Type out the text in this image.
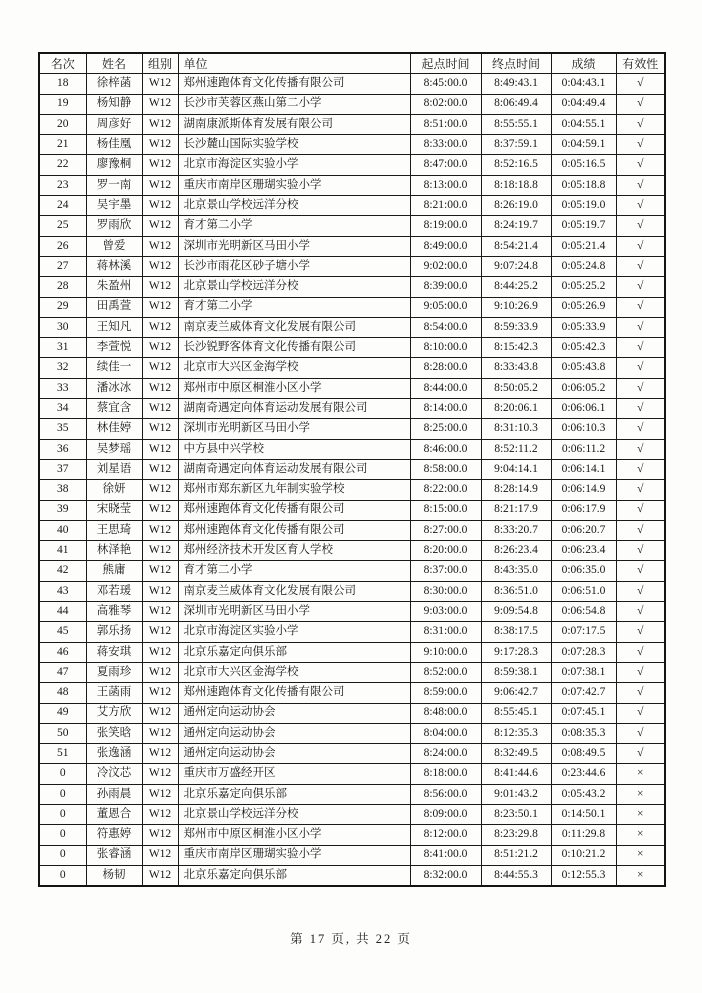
名次	姓名	组别	单位	起点时间	终点时间	成绩	有效性
18	徐梓菡	W12	郑州速跑体育文化传播有限公司	8:45:00.0	8:49:43.1	0:04:43.1	√
19	杨知静	W12	长沙市芙蓉区燕山第二小学	8:02:00.0	8:06:49.4	0:04:49.4	√
20	周彦好	W12	湖南康派斯体育发展有限公司	8:51:00.0	8:55:55.1	0:04:55.1	√
21	杨佳凰	W12	长沙麓山国际实验学校	8:33:00.0	8:37:59.1	0:04:59.1	√
22	廖豫桐	W12	北京市海淀区实验小学	8:47:00.0	8:52:16.5	0:05:16.5	√
23	罗一南	W12	重庆市南岸区珊瑚实验小学	8:13:00.0	8:18:18.8	0:05:18.8	√
24	吴宇墨	W12	北京景山学校远洋分校	8:21:00.0	8:26:19.0	0:05:19.0	√
25	罗雨欣	W12	育才第二小学	8:19:00.0	8:24:19.7	0:05:19.7	√
26	曾爱	W12	深圳市光明新区马田小学	8:49:00.0	8:54:21.4	0:05:21.4	√
27	蒋林溪	W12	长沙市雨花区砂子塘小学	9:02:00.0	9:07:24.8	0:05:24.8	√
28	朱盈州	W12	北京景山学校远洋分校	8:39:00.0	8:44:25.2	0:05:25.2	√
29	田禹萱	W12	育才第二小学	9:05:00.0	9:10:26.9	0:05:26.9	√
30	王知凡	W12	南京麦兰威体育文化发展有限公司	8:54:00.0	8:59:33.9	0:05:33.9	√
31	李萱悦	W12	长沙锐野客体育文化传播有限公司	8:10:00.0	8:15:42.3	0:05:42.3	√
32	续佳一	W12	北京市大兴区金海学校	8:28:00.0	8:33:43.8	0:05:43.8	√
33	潘冰冰	W12	郑州市中原区桐淮小区小学	8:44:00.0	8:50:05.2	0:06:05.2	√
34	蔡宜含	W12	湖南奇遇定向体育运动发展有限公司	8:14:00.0	8:20:06.1	0:06:06.1	√
35	林佳婷	W12	深圳市光明新区马田小学	8:25:00.0	8:31:10.3	0:06:10.3	√
36	吴梦瑶	W12	中方县中兴学校	8:46:00.0	8:52:11.2	0:06:11.2	√
37	刘星语	W12	湖南奇遇定向体育运动发展有限公司	8:58:00.0	9:04:14.1	0:06:14.1	√
38	徐妍	W12	郑州市郑东新区九年制实验学校	8:22:00.0	8:28:14.9	0:06:14.9	√
39	宋晓莹	W12	郑州速跑体育文化传播有限公司	8:15:00.0	8:21:17.9	0:06:17.9	√
40	王思琦	W12	郑州速跑体育文化传播有限公司	8:27:00.0	8:33:20.7	0:06:20.7	√
41	林泽艳	W12	郑州经济技术开发区育人学校	8:20:00.0	8:26:23.4	0:06:23.4	√
42	熊庸	W12	育才第二小学	8:37:00.0	8:43:35.0	0:06:35.0	√
43	邓若瑗	W12	南京麦兰威体育文化发展有限公司	8:30:00.0	8:36:51.0	0:06:51.0	√
44	高雅琴	W12	深圳市光明新区马田小学	9:03:00.0	9:09:54.8	0:06:54.8	√
45	郭乐扬	W12	北京市海淀区实验小学	8:31:00.0	8:38:17.5	0:07:17.5	√
46	蒋安琪	W12	北京乐嘉定向俱乐部	9:10:00.0	9:17:28.3	0:07:28.3	√
47	夏雨珍	W12	北京市大兴区金海学校	8:52:00.0	8:59:38.1	0:07:38.1	√
48	王菡雨	W12	郑州速跑体育文化传播有限公司	8:59:00.0	9:06:42.7	0:07:42.7	√
49	艾方欣	W12	通州定向运动协会	8:48:00.0	8:55:45.1	0:07:45.1	√
50	张笑晗	W12	通州定向运动协会	8:04:00.0	8:12:35.3	0:08:35.3	√
51	张逸涵	W12	通州定向运动协会	8:24:00.0	8:32:49.5	0:08:49.5	√
0	冷汶芯	W12	重庆市万盛经开区	8:18:00.0	8:41:44.6	0:23:44.6	×
0	孙雨晨	W12	北京乐嘉定向俱乐部	8:56:00.0	9:01:43.2	0:05:43.2	×
0	董恩合	W12	北京景山学校远洋分校	8:09:00.0	8:23:50.1	0:14:50.1	×
0	符惠婷	W12	郑州市中原区桐淮小区小学	8:12:00.0	8:23:29.8	0:11:29.8	×
0	张睿涵	W12	重庆市南岸区珊瑚实验小学	8:41:00.0	8:51:21.2	0:10:21.2	×
0	杨韧	W12	北京乐嘉定向俱乐部	8:32:00.0	8:44:55.3	0:12:55.3	×
第 17 页, 共 22 页
